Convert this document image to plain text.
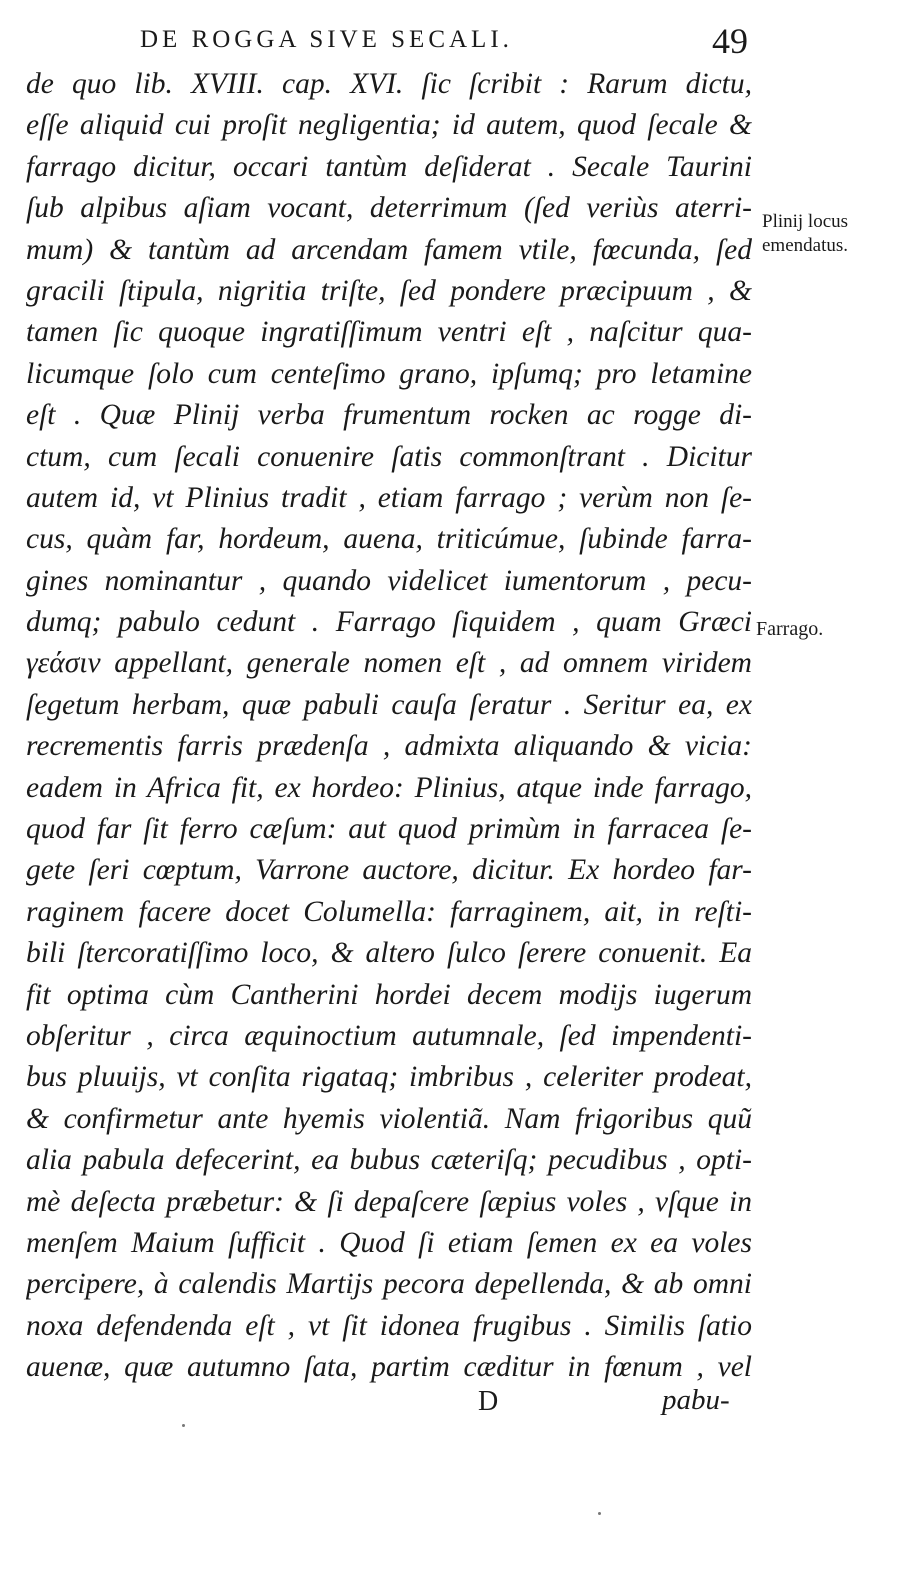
DE ROGGA SIVE SECALI.	49
de quo lib. XVIII. cap. XVI. ſic ſcribit : Rarum dictu,
eſſe aliquid cui proſit negligentia; id autem, quod ſecale &
farrago dicitur, occari tantùm deſiderat . Secale Taurini
ſub alpibus aſiam vocant, deterrimum (ſed veriùs aterri-
mum) & tantùm ad arcendam famem vtile, fœcunda, ſed
gracili ſtipula, nigritia triſte, ſed pondere præcipuum , &
tamen ſic quoque ingratiſſimum ventri eſt , naſcitur qua-
licumque ſolo cum centeſimo grano, ipſumq; pro letamine
eſt . Quæ Plinij verba frumentum rocken ac rogge di-
ctum, cum ſecali conuenire ſatis commonſtrant . Dicitur
autem id, vt Plinius tradit , etiam farrago ; verùm non ſe-
cus, quàm far, hordeum, auena, triticúmue, ſubinde farra-
gines nominantur , quando videlicet iumentorum , pecu-
dumq; pabulo cedunt . Farrago ſiquidem , quam Græci
γεάσιν appellant, generale nomen eſt , ad omnem viridem
ſegetum herbam, quæ pabuli cauſa ſeratur . Seritur ea, ex
recrementis farris prædenſa , admixta aliquando & vicia:
eadem in Africa fit, ex hordeo: Plinius, atque inde farrago,
quod far ſit ferro cæſum: aut quod primùm in farracea ſe-
gete ſeri cœptum, Varrone auctore, dicitur. Ex hordeo far-
raginem facere docet Columella: farraginem, ait, in reſti-
bili ſtercoratiſſimo loco, & altero ſulco ſerere conuenit. Ea
fit optima cùm Cantherini hordei decem modijs iugerum
obſeritur , circa æquinoctium autumnale, ſed impendenti-
bus pluuijs, vt conſita rigataq; imbribus , celeriter prodeat,
& confirmetur ante hyemis violentiã. Nam frigoribus quũ
alia pabula defecerint, ea bubus cæteriſq; pecudibus , opti-
mè deſecta præbetur: & ſi depaſcere ſæpius voles , vſque in
menſem Maium ſufficit . Quod ſi etiam ſemen ex ea voles
percipere, à calendis Martijs pecora depellenda, & ab omni
noxa defendenda eſt , vt ſit idonea frugibus . Similis ſatio
auenæ, quæ autumno ſata, partim cæditur in fœnum , vel
Plinij locus
emendatus.
Farrago.
D	pabu-
